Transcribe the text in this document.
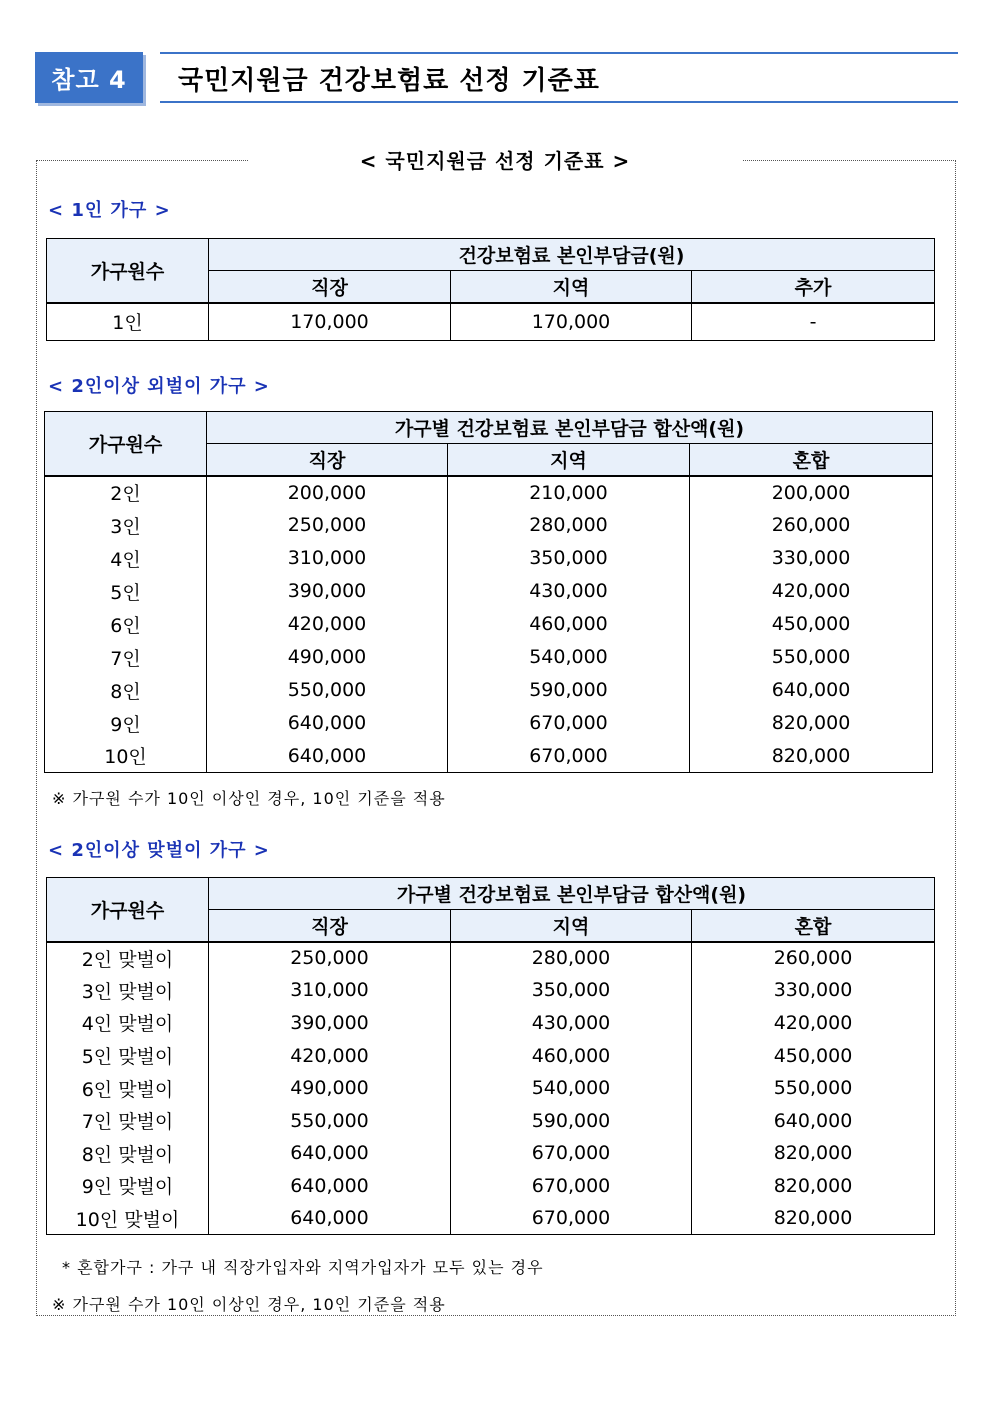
참고 4	국민지원금 건강보험료 선정 기준표
< 국민지원금 선정 기준표 >
< 1인 가구 >
가구원수	건강보험료 본인부담금(원)		
	직장	지역	추가
1인	170,000	170,000	-
< 2인이상 외벌이 가구 >
가구원수	가구별 건강보험료 본인부담금 합산액(원)		
	직장	지역	혼합
2인	200,000	210,000	200,000
3인	250,000	280,000	260,000
4인	310,000	350,000	330,000
5인	390,000	430,000	420,000
6인	420,000	460,000	450,000
7인	490,000	540,000	550,000
8인	550,000	590,000	640,000
9인	640,000	670,000	820,000
10인	640,000	670,000	820,000
※ 가구원 수가 10인 이상인 경우, 10인 기준을 적용
< 2인이상 맞벌이 가구 >
가구원수	가구별 건강보험료 본인부담금 합산액(원)		
	직장	지역	혼합
2인 맞벌이	250,000	280,000	260,000
3인 맞벌이	310,000	350,000	330,000
4인 맞벌이	390,000	430,000	420,000
5인 맞벌이	420,000	460,000	450,000
6인 맞벌이	490,000	540,000	550,000
7인 맞벌이	550,000	590,000	640,000
8인 맞벌이	640,000	670,000	820,000
9인 맞벌이	640,000	670,000	820,000
10인 맞벌이	640,000	670,000	820,000
* 혼합가구 : 가구 내 직장가입자와 지역가입자가 모두 있는 경우
※ 가구원 수가 10인 이상인 경우, 10인 기준을 적용
